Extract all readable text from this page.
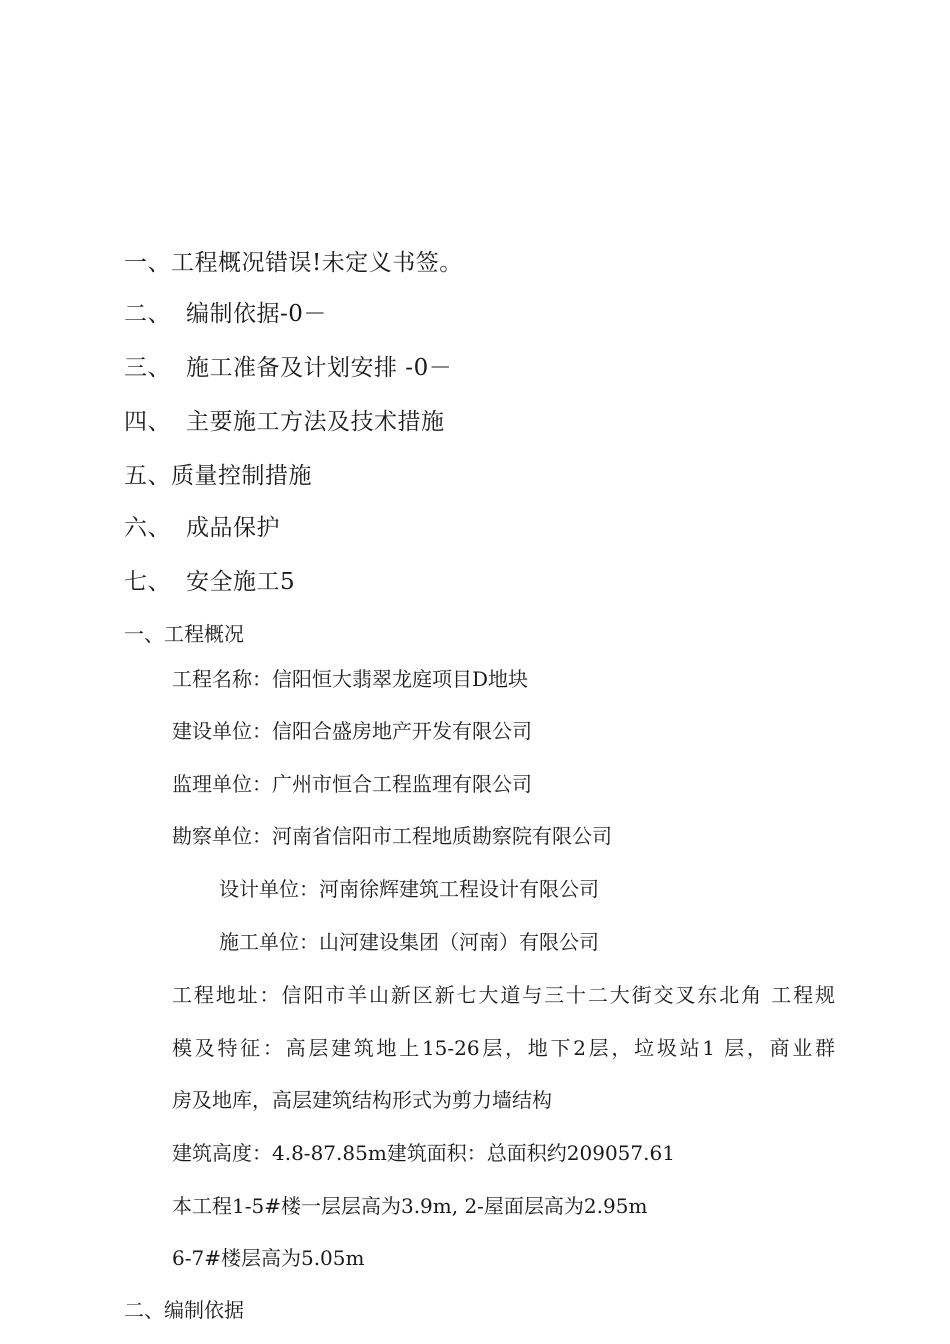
一、工程概况错误!未定义书签。
二、 编制依据-0－
三、 施工准备及计划安排 -0－
四、 主要施工方法及技术措施
五、质量控制措施
六、 成品保护
七、 安全施工5
一、工程概况
工程名称：信阳恒大翡翠龙庭项目D地块
建设单位：信阳合盛房地产开发有限公司
监理单位：广州市恒合工程监理有限公司
勘察单位：河南省信阳市工程地质勘察院有限公司
设计单位：河南徐辉建筑工程设计有限公司
施工单位：山河建设集团（河南）有限公司
工程地址：信阳市羊山新区新七大道与三十二大街交叉东北角 工程规
模及特征：高层建筑地上15-26层，地下2层，垃圾站1 层，商业群
房及地库，高层建筑结构形式为剪力墙结构
建筑高度：4.8-87.85m建筑面积：总面积约209057.61
本工程1-5#楼一层层高为3.9m, 2-屋面层高为2.95m
6-7#楼层高为5.05m
二、编制依据
